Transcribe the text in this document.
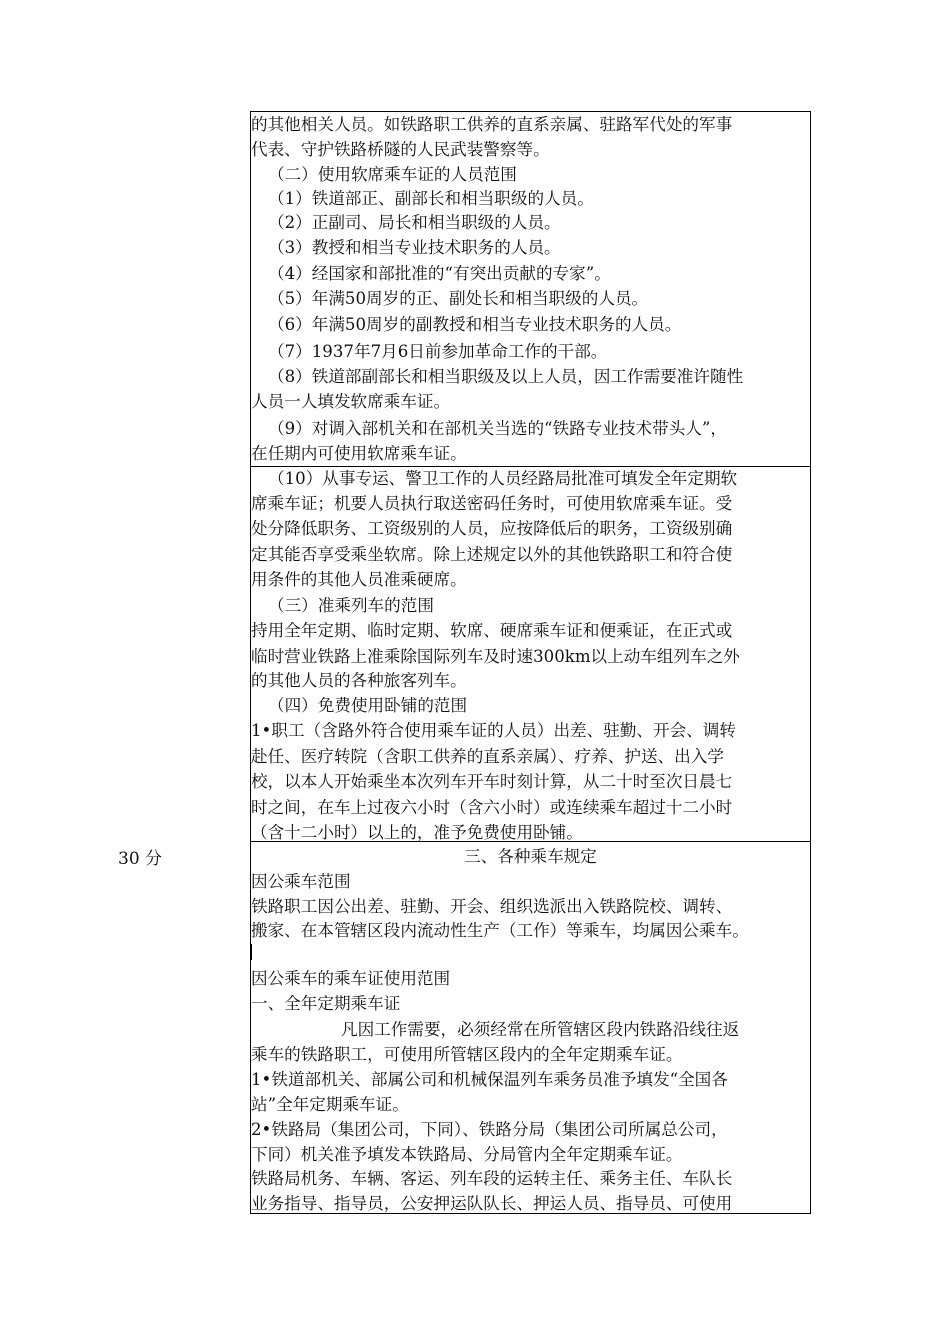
30 分
的其他相关人员。如铁路职工供养的直系亲属、驻路军代处的军事
代表、守护铁路桥隧的人民武装警察等。
（二）使用软席乘车证的人员范围
（1）铁道部正、副部长和相当职级的人员。
（2）正副司、局长和相当职级的人员。
（3）教授和相当专业技术职务的人员。
（4）经国家和部批准的“有突出贡献的专家”。
（5）年满50周岁的正、副处长和相当职级的人员。
（6）年满50周岁的副教授和相当专业技术职务的人员。
（7）1937年7月6日前参加革命工作的干部。
（8）铁道部副部长和相当职级及以上人员，因工作需要准许随性
人员一人填发软席乘车证。
（9）对调入部机关和在部机关当选的“铁路专业技术带头人”，
在任期内可使用软席乘车证。
（10）从事专运、警卫工作的人员经路局批准可填发全年定期软
席乘车证；机要人员执行取送密码任务时，可使用软席乘车证。受
处分降低职务、工资级别的人员，应按降低后的职务，工资级别确
定其能否享受乘坐软席。除上述规定以外的其他铁路职工和符合使
用条件的其他人员准乘硬席。
（三）准乘列车的范围
持用全年定期、临时定期、软席、硬席乘车证和便乘证，在正式或
临时营业铁路上准乘除国际列车及时速300km以上动车组列车之外
的其他人员的各种旅客列车。
（四）免费使用卧铺的范围
1•职工（含路外符合使用乘车证的人员）出差、驻勤、开会、调转
赴任、医疗转院（含职工供养的直系亲属）、疗养、护送、出入学
校，以本人开始乘坐本次列车开车时刻计算，从二十时至次日晨七
时之间，在车上过夜六小时（含六小时）或连续乘车超过十二小时
（含十二小时）以上的，准予免费使用卧铺。
三、各种乘车规定
因公乘车范围
铁路职工因公出差、驻勤、开会、组织选派出入铁路院校、调转、
搬家、在本管辖区段内流动性生产（工作）等乘车，均属因公乘车。
因公乘车的乘车证使用范围
一、全年定期乘车证
凡因工作需要，必须经常在所管辖区段内铁路沿线往返
乘车的铁路职工，可使用所管辖区段内的全年定期乘车证。
1•铁道部机关、部属公司和机械保温列车乘务员准予填发“全国各
站”全年定期乘车证。
2•铁路局（集团公司，下同）、铁路分局（集团公司所属总公司，
下同）机关准予填发本铁路局、分局管内全年定期乘车证。
铁路局机务、车辆、客运、列车段的运转主任、乘务主任、车队长
业务指导、指导员，公安押运队队长、押运人员、指导员、可使用
